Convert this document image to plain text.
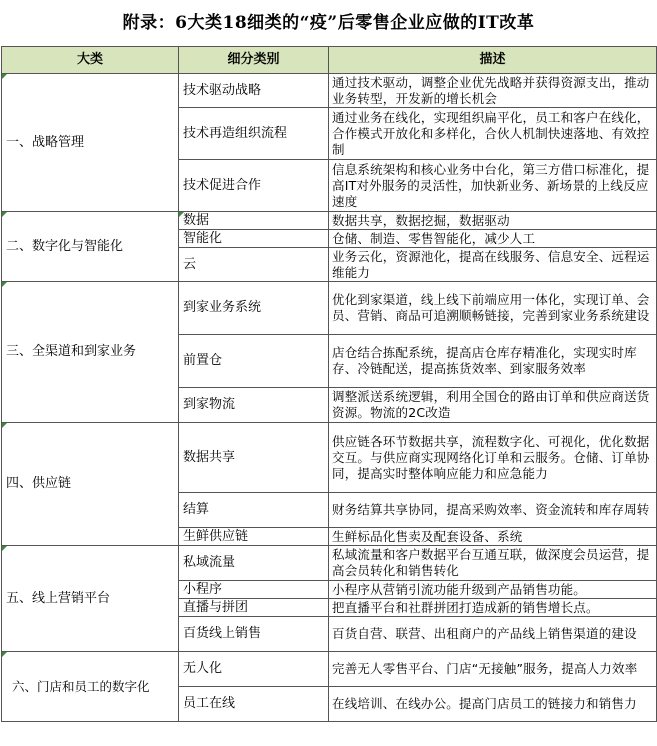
附录：6大类18细类的“疫”后零售企业应做的IT改革
大类	细分类别	描述
一、战略管理	技术驱动战略	通过技术驱动，调整企业优先战略并获得资源支出，推动业务转型，开发新的增长机会
	技术再造组织流程	通过业务在线化，实现组织扁平化，员工和客户在线化，合作模式开放化和多样化，合伙人机制快速落地、有效控制
	技术促进合作	信息系统架构和核心业务中台化，第三方借口标准化，提高IT对外服务的灵活性，加快新业务、新场景的上线反应速度
二、数字化与智能化	数据	数据共享，数据挖掘，数据驱动
	智能化	仓储、制造、零售智能化，减少人工
	云	业务云化，资源池化，提高在线服务、信息安全、远程运维能力
三、全渠道和到家业务	到家业务系统	优化到家渠道，线上线下前端应用一体化，实现订单、会员、营销、商品可追溯顺畅链接，完善到家业务系统建设
	前置仓	店仓结合拣配系统，提高店仓库存精准化，实现实时库存、冷链配送，提高拣货效率、到家服务效率
	到家物流	调整派送系统逻辑，利用全国仓的路由订单和供应商送货资源。物流的2C改造
四、供应链	数据共享	供应链各环节数据共享，流程数字化、可视化，优化数据交互。与供应商实现网络化订单和云服务。仓储、订单协同，提高实时整体响应能力和应急能力
	结算	财务结算共享协同，提高采购效率、资金流转和库存周转
	生鲜供应链	生鲜标品化售卖及配套设备、系统
五、线上营销平台	私域流量	私域流量和客户数据平台互通互联，做深度会员运营，提高会员转化和销售转化
	小程序	小程序从营销引流功能升级到产品销售功能。
	直播与拼团	把直播平台和社群拼团打造成新的销售增长点。
	百货线上销售	百货自营、联营、出租商户的产品线上销售渠道的建设
六、门店和员工的数字化	无人化	完善无人零售平台、门店“无接触”服务，提高人力效率
	员工在线	在线培训、在线办公。提高门店员工的链接力和销售力
